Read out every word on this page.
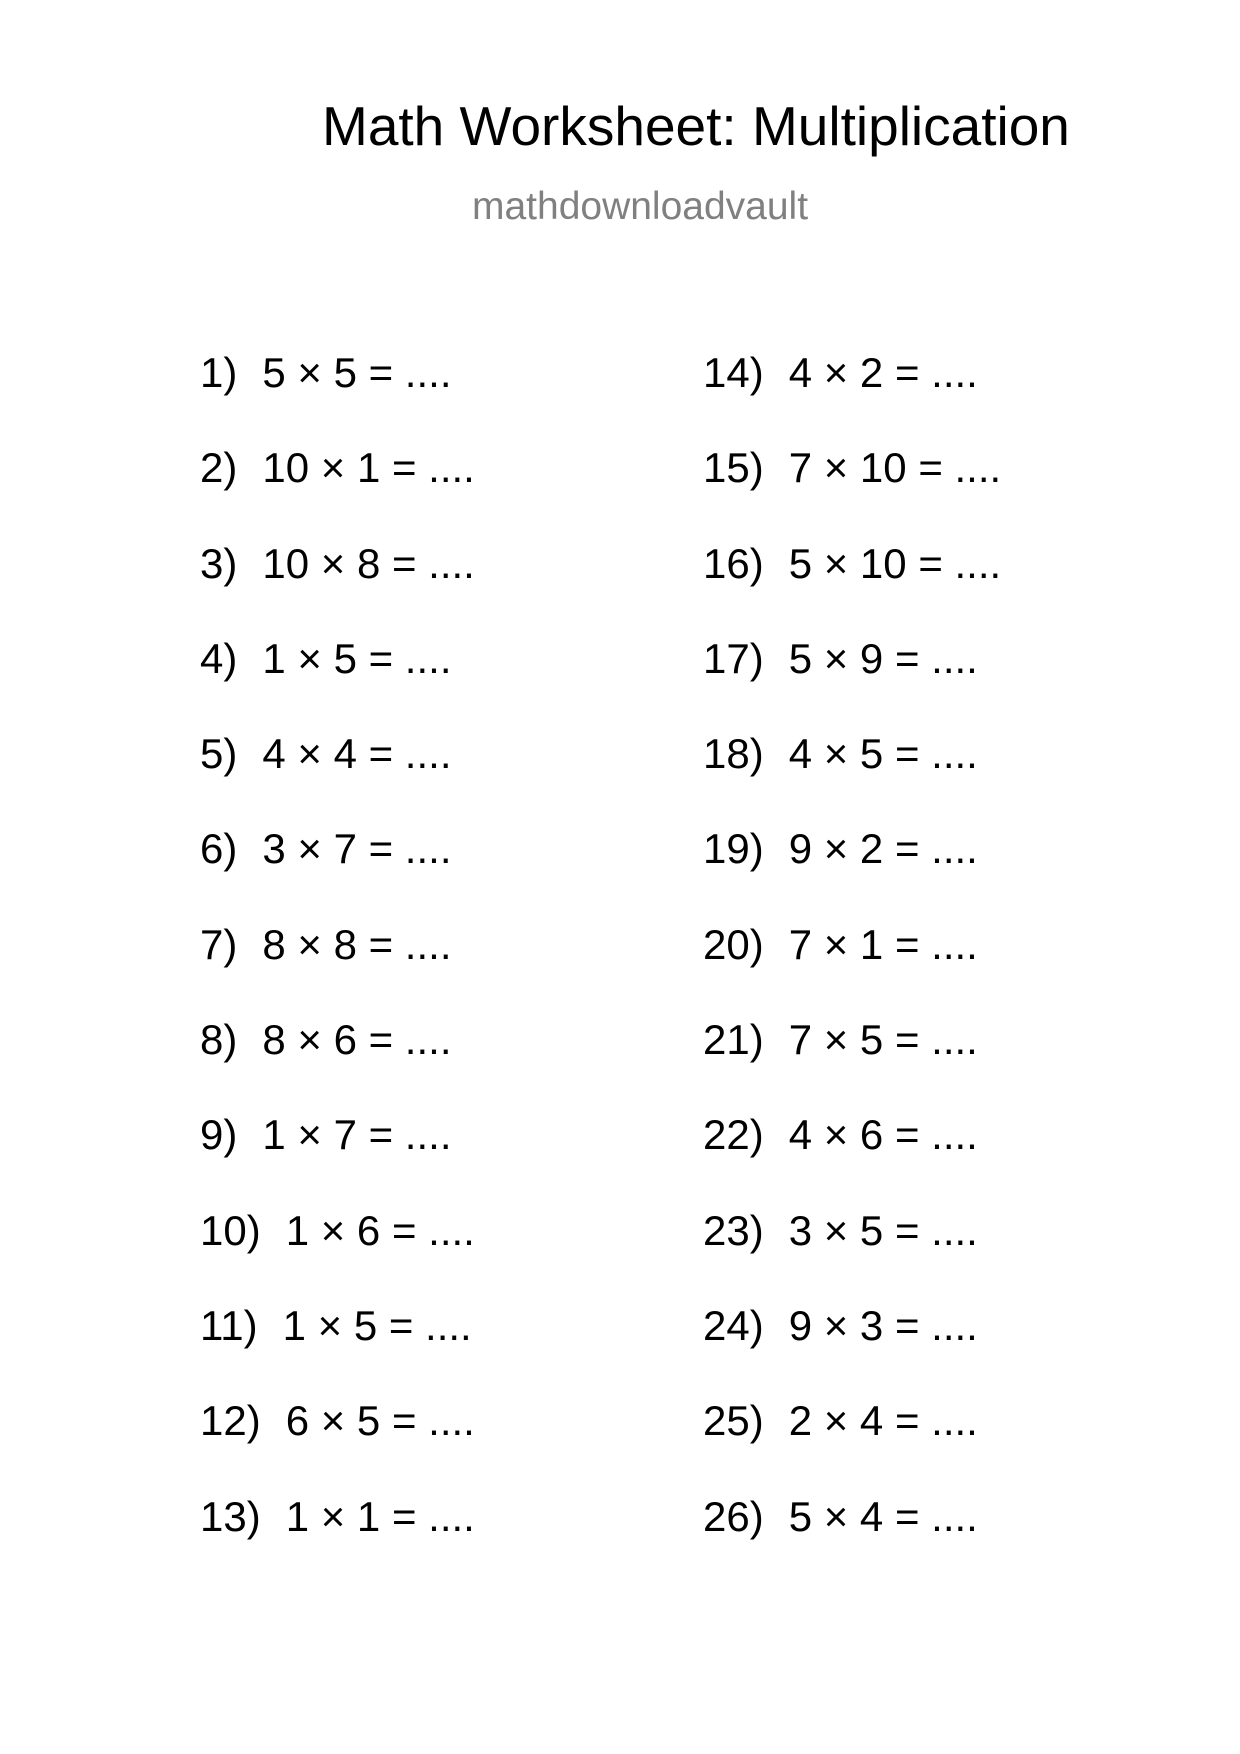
Math Worksheet: Multiplication
mathdownloadvault
1) 5 × 5 = ....
2) 10 × 1 = ....
3) 10 × 8 = ....
4) 1 × 5 = ....
5) 4 × 4 = ....
6) 3 × 7 = ....
7) 8 × 8 = ....
8) 8 × 6 = ....
9) 1 × 7 = ....
10) 1 × 6 = ....
11) 1 × 5 = ....
12) 6 × 5 = ....
13) 1 × 1 = ....
14) 4 × 2 = ....
15) 7 × 10 = ....
16) 5 × 10 = ....
17) 5 × 9 = ....
18) 4 × 5 = ....
19) 9 × 2 = ....
20) 7 × 1 = ....
21) 7 × 5 = ....
22) 4 × 6 = ....
23) 3 × 5 = ....
24) 9 × 3 = ....
25) 2 × 4 = ....
26) 5 × 4 = ....
